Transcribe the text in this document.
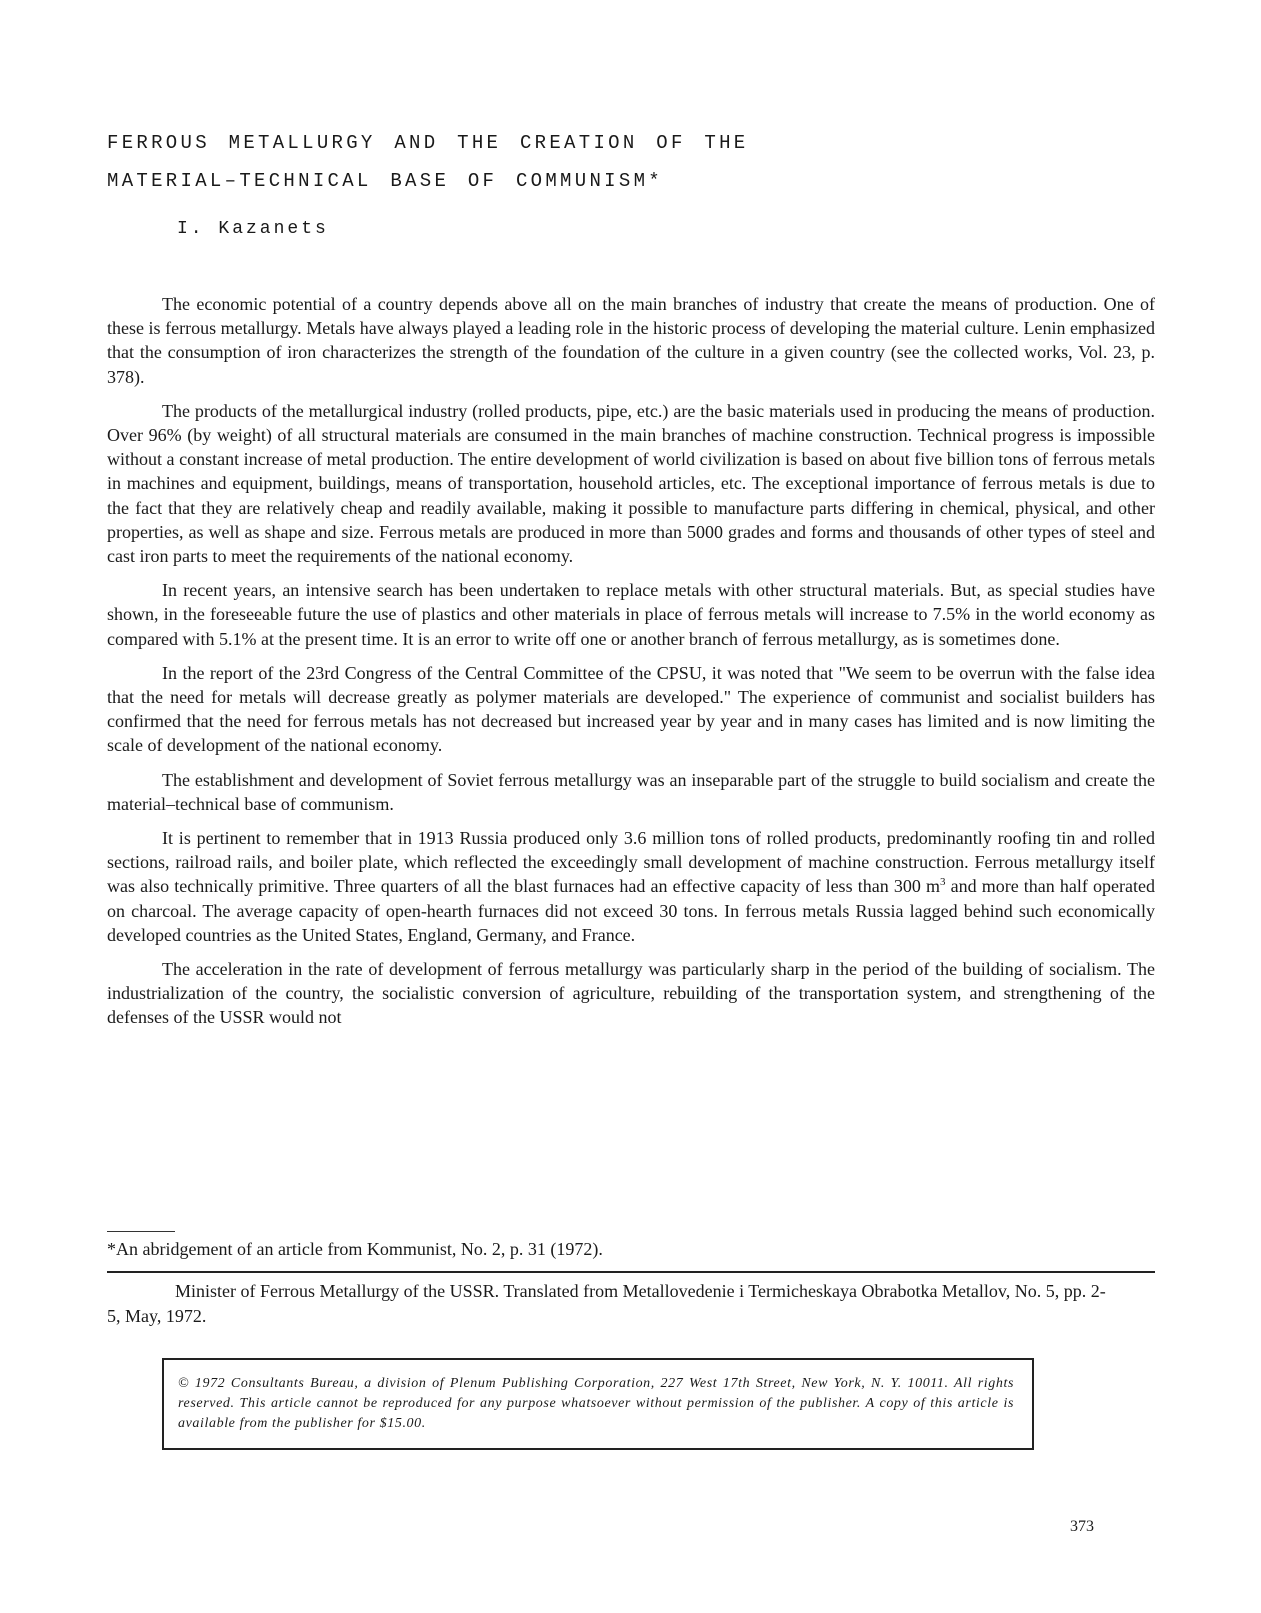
FERROUS METALLURGY AND THE CREATION OF THE
MATERIAL–TECHNICAL BASE OF COMMUNISM*

I. Kazanets

The economic potential of a country depends above all on the main branches of industry that create the means of production. One of these is ferrous metallurgy. Metals have always played a leading role in the historic process of developing the material culture. Lenin emphasized that the consumption of iron characterizes the strength of the foundation of the culture in a given country (see the collected works, Vol. 23, p. 378).

The products of the metallurgical industry (rolled products, pipe, etc.) are the basic materials used in producing the means of production. Over 96% (by weight) of all structural materials are consumed in the main branches of machine construction. Technical progress is impossible without a constant increase of metal production. The entire development of world civilization is based on about five billion tons of ferrous metals in machines and equipment, buildings, means of transportation, household articles, etc. The exceptional importance of ferrous metals is due to the fact that they are relatively cheap and readily available, making it possible to manufacture parts differing in chemical, physical, and other properties, as well as shape and size. Ferrous metals are produced in more than 5000 grades and forms and thousands of other types of steel and cast iron parts to meet the requirements of the national economy.

In recent years, an intensive search has been undertaken to replace metals with other structural materials. But, as special studies have shown, in the foreseeable future the use of plastics and other materials in place of ferrous metals will increase to 7.5% in the world economy as compared with 5.1% at the present time. It is an error to write off one or another branch of ferrous metallurgy, as is sometimes done.

In the report of the 23rd Congress of the Central Committee of the CPSU, it was noted that "We seem to be overrun with the false idea that the need for metals will decrease greatly as polymer materials are developed." The experience of communist and socialist builders has confirmed that the need for ferrous metals has not decreased but increased year by year and in many cases has limited and is now limiting the scale of development of the national economy.

The establishment and development of Soviet ferrous metallurgy was an inseparable part of the struggle to build socialism and create the material–technical base of communism.

It is pertinent to remember that in 1913 Russia produced only 3.6 million tons of rolled products, predominantly roofing tin and rolled sections, railroad rails, and boiler plate, which reflected the exceedingly small development of machine construction. Ferrous metallurgy itself was also technically primitive. Three quarters of all the blast furnaces had an effective capacity of less than 300 $m^3$ and more than half operated on charcoal. The average capacity of open-hearth furnaces did not exceed 30 tons. In ferrous metals Russia lagged behind such economically developed countries as the United States, England, Germany, and France.

The acceleration in the rate of development of ferrous metallurgy was particularly sharp in the period of the building of socialism. The industrialization of the country, the socialistic conversion of agriculture, rebuilding of the transportation system, and strengthening of the defenses of the USSR would not

*An abridgement of an article from Kommunist, No. 2, p. 31 (1972).

Minister of Ferrous Metallurgy of the USSR. Translated from Metallovedenie i Termicheskaya Obrabotka Metallov, No. 5, pp. 2-5, May, 1972.

© 1972 Consultants Bureau, a division of Plenum Publishing Corporation, 227 West 17th Street, New York, N. Y. 10011. All rights reserved. This article cannot be reproduced for any purpose whatsoever without permission of the publisher. A copy of this article is available from the publisher for $15.00.

373
